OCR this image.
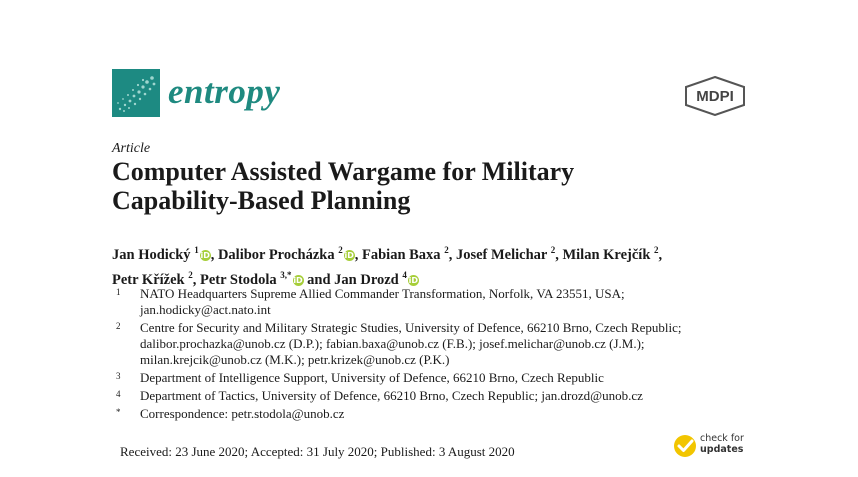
entropy	MDPI
Article
Computer Assisted Wargame for Military
Capability-Based Planning
Jan Hodický $^1$iD, Dalibor Procházka $^2$iD, Fabian Baxa $^2$, Josef Melichar $^2$, Milan Krejčík $^2$,
Petr Křížek $^2$, Petr Stodola $^{3,*}$iD and Jan Drozd $^4$iD
1	NATO Headquarters Supreme Allied Commander Transformation, Norfolk, VA 23551, USA;
jan.hodicky@act.nato.int
2	Centre for Security and Military Strategic Studies, University of Defence, 66210 Brno, Czech Republic;
dalibor.prochazka@unob.cz (D.P.); fabian.baxa@unob.cz (F.B.); josef.melichar@unob.cz (J.M.);
milan.krejcik@unob.cz (M.K.); petr.krizek@unob.cz (P.K.)
3	Department of Intelligence Support, University of Defence, 66210 Brno, Czech Republic
4	Department of Tactics, University of Defence, 66210 Brno, Czech Republic; jan.drozd@unob.cz
*	Correspondence: petr.stodola@unob.cz
Received: 23 June 2020; Accepted: 31 July 2020; Published: 3 August 2020
check for
updates
